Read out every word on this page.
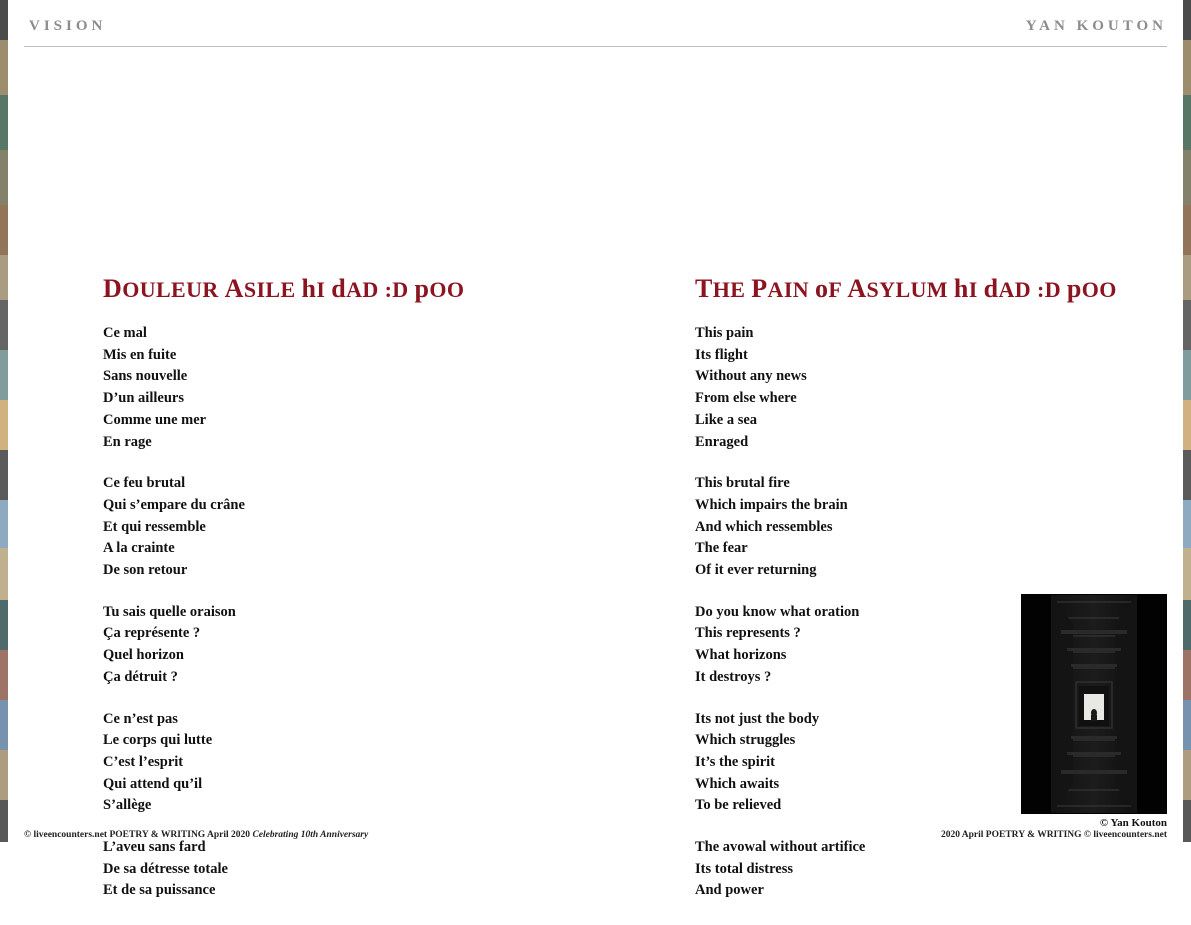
VISION	YAN KOUTON
DOULEUR ASILE hI dAD :D pOO

Ce mal

Mis en fuite

Sans nouvelle

D’un ailleurs

Comme une mer

En rage

Ce feu brutal

Qui s’empare du crâne

Et qui ressemble

A la crainte

De son retour

Tu sais quelle oraison

Ça représente ?

Quel horizon

Ça détruit ?

Ce n’est pas

Le corps qui lutte

C’est l’esprit

Qui attend qu’il

S’allège

L’aveu sans fard

De sa détresse totale

Et de sa puissance

THE PAIN oF ASYLUM hI dAD :D pOO

This pain

Its flight

Without any news

From else where

Like a sea

Enraged

This brutal fire

Which impairs the brain

And which ressembles

The fear

Of it ever returning

Do you know what oration

This represents ?

What horizons

It destroys ?

Its not just the body

Which struggles

It’s the spirit

Which awaits

To be relieved

The avowal without artifice

Its total distress

And power

© Yan Kouton
© liveencounters.net POETRY & WRITING April 2020 Celebrating 10th Anniversary	2020 April POETRY & WRITING © liveencounters.net
